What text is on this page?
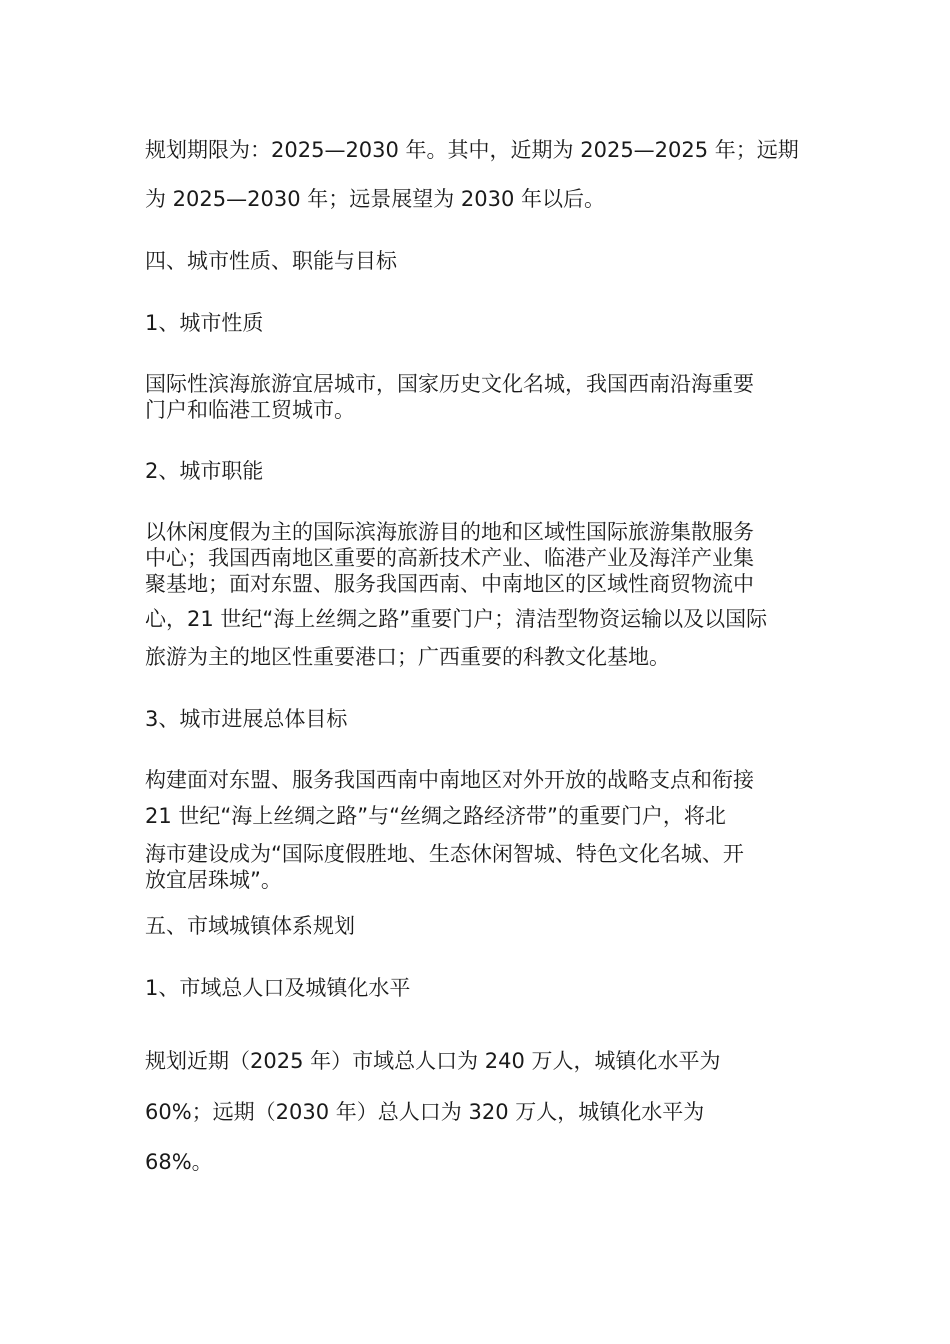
规划期限为：2025—2030 年。其中，近期为 2025—2025 年；远期
为 2025—2030 年；远景展望为 2030 年以后。
四、城市性质、职能与目标
1、城市性质
国际性滨海旅游宜居城市，国家历史文化名城，我国西南沿海重要
门户和临港工贸城市。
2、城市职能
以休闲度假为主的国际滨海旅游目的地和区域性国际旅游集散服务
中心；我国西南地区重要的高新技术产业、临港产业及海洋产业集
聚基地；面对东盟、服务我国西南、中南地区的区域性商贸物流中
心，21 世纪“海上丝绸之路”重要门户；清洁型物资运输以及以国际
旅游为主的地区性重要港口；广西重要的科教文化基地。
3、城市进展总体目标
构建面对东盟、服务我国西南中南地区对外开放的战略支点和衔接
21 世纪“海上丝绸之路”与“丝绸之路经济带”的重要门户，将北
海市建设成为“国际度假胜地、生态休闲智城、特色文化名城、开
放宜居珠城”。
五、市域城镇体系规划
1、市域总人口及城镇化水平
规划近期（2025 年）市域总人口为 240 万人，城镇化水平为
60%；远期（2030 年）总人口为 320 万人，城镇化水平为
68%。
